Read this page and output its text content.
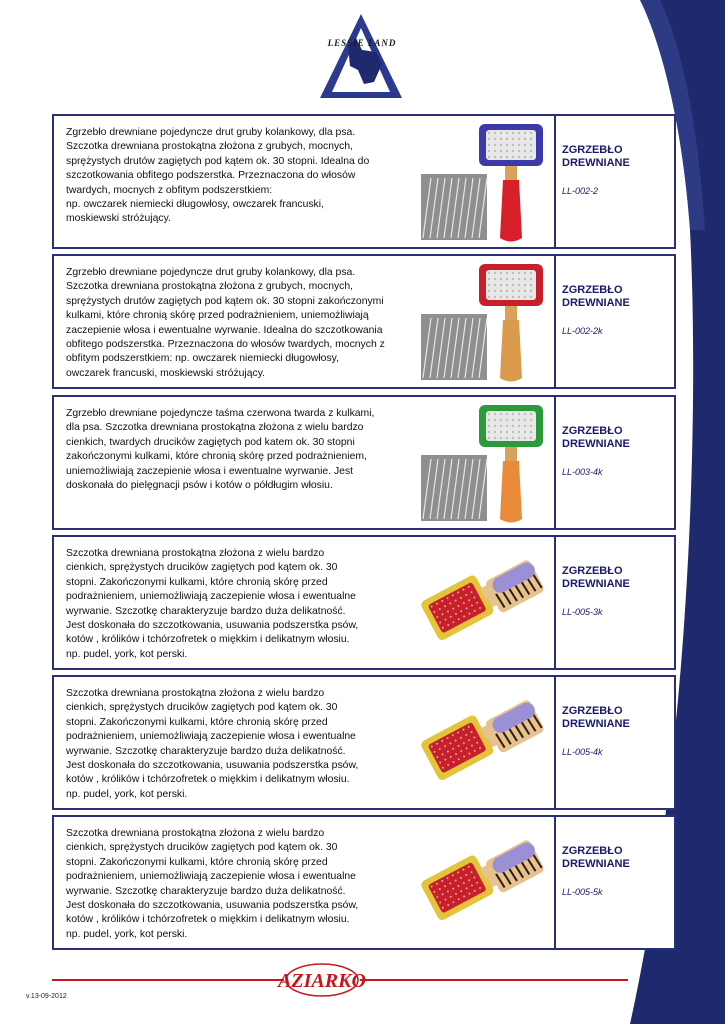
LESSIE LAND
Zgrzebło drewniane pojedyncze drut gruby kolankowy, dla psa.
Szczotka drewniana prostokątna złożona z grubych, mocnych,
sprężystych drutów zagiętych pod kątem ok. 30 stopni. Idealna do
szczotkowania obfitego podszerstka. Przeznaczona do włosów
twardych, mocnych z obfitym podszerstkiem:
np. owczarek niemiecki długowłosy, owczarek francuski,
moskiewski stróżujący.
ZGRZEBŁO
DREWNIANE
LL-002-2
Zgrzebło drewniane pojedyncze drut gruby kolankowy, dla psa.
Szczotka drewniana prostokątna złożona z grubych, mocnych,
sprężystych drutów zagiętych pod kątem ok. 30 stopni zakończonymi
kulkami, które chronią skórę przed podrażnieniem, uniemożliwiają
zaczepienie włosa i ewentualne wyrwanie. Idealna do szczotkowania
obfitego podszerstka. Przeznaczona do włosów twardych, mocnych z
obfitym podszerstkiem: np. owczarek niemiecki długowłosy,
owczarek francuski, moskiewski stróżujący.
ZGRZEBŁO
DREWNIANE
LL-002-2k
Zgrzebło drewniane pojedyncze taśma czerwona twarda z kulkami,
dla psa. Szczotka drewniana prostokątna złożona z wielu bardzo
cienkich, twardych drucików zagiętych pod katem ok. 30 stopni
zakończonymi kulkami, które chronią skórę przed podrażnieniem,
uniemożliwiają zaczepienie włosa i ewentualne wyrwanie. Jest
doskonała do pielęgnacji psów i kotów o półdługim włosiu.
ZGRZEBŁO
DREWNIANE
LL-003-4k
Szczotka drewniana prostokątna złożona z wielu bardzo
cienkich, sprężystych drucików zagiętych pod kątem ok. 30
stopni. Zakończonymi kulkami, które chronią skórę przed
podrażnieniem, uniemożliwiają zaczepienie włosa i ewentualne
wyrwanie. Szczotkę charakteryzuje bardzo duża delikatność.
Jest doskonała do szczotkowania, usuwania podszerstka psów,
kotów , królików i tchórzofretek o miękkim i delikatnym włosiu.
np. pudel, york, kot perski.
ZGRZEBŁO
DREWNIANE
LL-005-3k
Szczotka drewniana prostokątna złożona z wielu bardzo
cienkich, sprężystych drucików zagiętych pod kątem ok. 30
stopni. Zakończonymi kulkami, które chronią skórę przed
podrażnieniem, uniemożliwiają zaczepienie włosa i ewentualne
wyrwanie. Szczotkę charakteryzuje bardzo duża delikatność.
Jest doskonała do szczotkowania, usuwania podszerstka psów,
kotów , królików i tchórzofretek o miękkim i delikatnym włosiu.
np. pudel, york, kot perski.
ZGRZEBŁO
DREWNIANE
LL-005-4k
Szczotka drewniana prostokątna złożona z wielu bardzo
cienkich, sprężystych drucików zagiętych pod kątem ok. 30
stopni. Zakończonymi kulkami, które chronią skórę przed
podrażnieniem, uniemożliwiają zaczepienie włosa i ewentualne
wyrwanie. Szczotkę charakteryzuje bardzo duża delikatność.
Jest doskonała do szczotkowania, usuwania podszerstka psów,
kotów , królików i tchórzofretek o miękkim i delikatnym włosiu.
np. pudel, york, kot perski.
ZGRZEBŁO
DREWNIANE
LL-005-5k
AZIARKO
v.13-09-2012
